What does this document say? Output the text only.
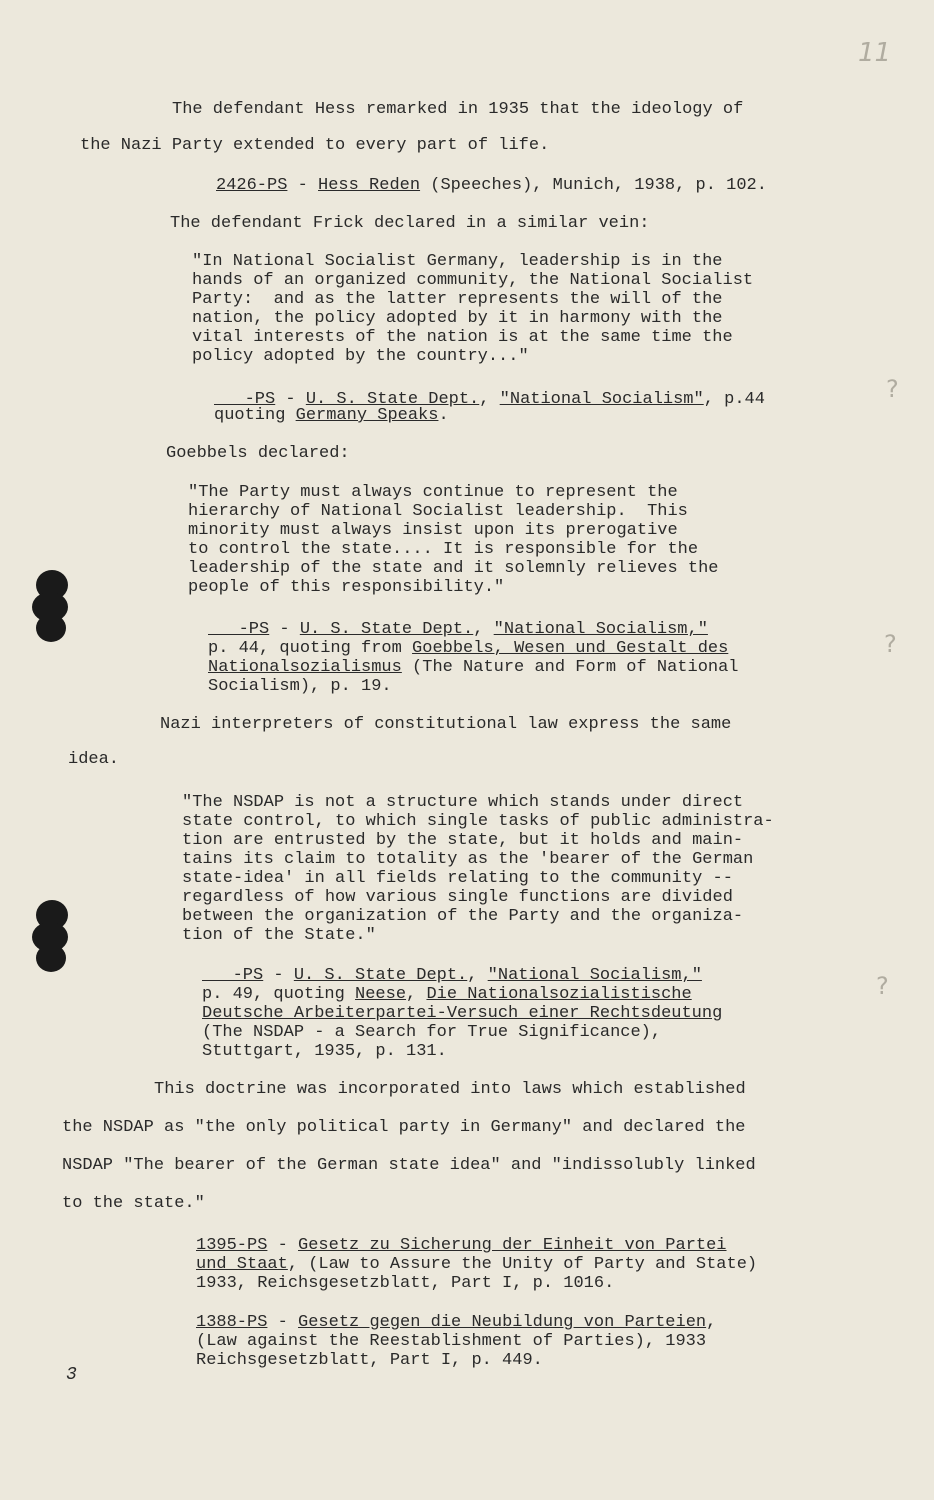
11
?
?
?
The defendant Hess remarked in 1935 that the ideology of
the Nazi Party extended to every part of life.
2426-PS - Hess Reden (Speeches), Munich, 1938, p. 102.
The defendant Frick declared in a similar vein:
"In National Socialist Germany, leadership is in the
hands of an organized community, the National Socialist
Party:  and as the latter represents the will of the
nation, the policy adopted by it in harmony with the
vital interests of the nation is at the same time the
policy adopted by the country..."
-PS - U. S. State Dept., "National Socialism", p.44
quoting Germany Speaks.
Goebbels declared:
"The Party must always continue to represent the
hierarchy of National Socialist leadership.  This
minority must always insist upon its prerogative
to control the state.... It is responsible for the
leadership of the state and it solemnly relieves the
people of this responsibility."
-PS - U. S. State Dept., "National Socialism,"
p. 44, quoting from Goebbels, Wesen und Gestalt des
Nationalsozialismus (The Nature and Form of National
Socialism), p. 19.
Nazi interpreters of constitutional law express the same
idea.
"The NSDAP is not a structure which stands under direct
state control, to which single tasks of public administra-
tion are entrusted by the state, but it holds and main-
tains its claim to totality as the 'bearer of the German
state-idea' in all fields relating to the community --
regardless of how various single functions are divided
between the organization of the Party and the organiza-
tion of the State."
-PS - U. S. State Dept., "National Socialism,"
p. 49, quoting Neese, Die Nationalsozialistische
Deutsche Arbeiterpartei-Versuch einer Rechtsdeutung
(The NSDAP - a Search for True Significance),
Stuttgart, 1935, p. 131.
This doctrine was incorporated into laws which established
the NSDAP as "the only political party in Germany" and declared the
NSDAP "The bearer of the German state idea" and "indissolubly linked
to the state."
1395-PS - Gesetz zu Sicherung der Einheit von Partei
und Staat, (Law to Assure the Unity of Party and State)
1933, Reichsgesetzblatt, Part I, p. 1016.
1388-PS - Gesetz gegen die Neubildung von Parteien,
(Law against the Reestablishment of Parties), 1933
Reichsgesetzblatt, Part I, p. 449.
3
